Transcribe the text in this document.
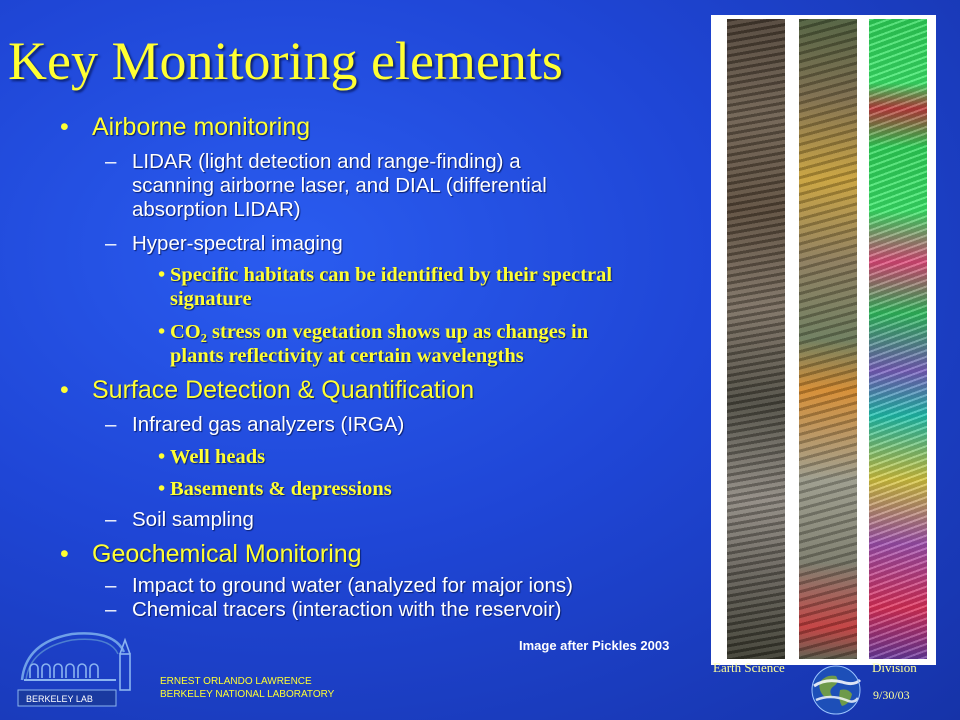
Key Monitoring elements
• Airborne monitoring
– LIDAR (light detection and range-finding) a
scanning airborne laser, and DIAL (differential
absorption LIDAR)
– Hyper-spectral imaging
• Specific habitats can be identified by their spectral
signature
• CO₂ stress on vegetation shows up as changes in
plants reflectivity at certain wavelengths
• Surface Detection & Quantification
– Infrared gas analyzers (IRGA)
• Well heads
• Basements & depressions
– Soil sampling
• Geochemical Monitoring
– Impact to ground water (analyzed for major ions)
– Chemical tracers (interaction with the reservoir)
Image after Pickles 2003
Earth Science	Division
9/30/03
BERKELEY LAB
ERNEST ORLANDO LAWRENCE
BERKELEY NATIONAL LABORATORY
